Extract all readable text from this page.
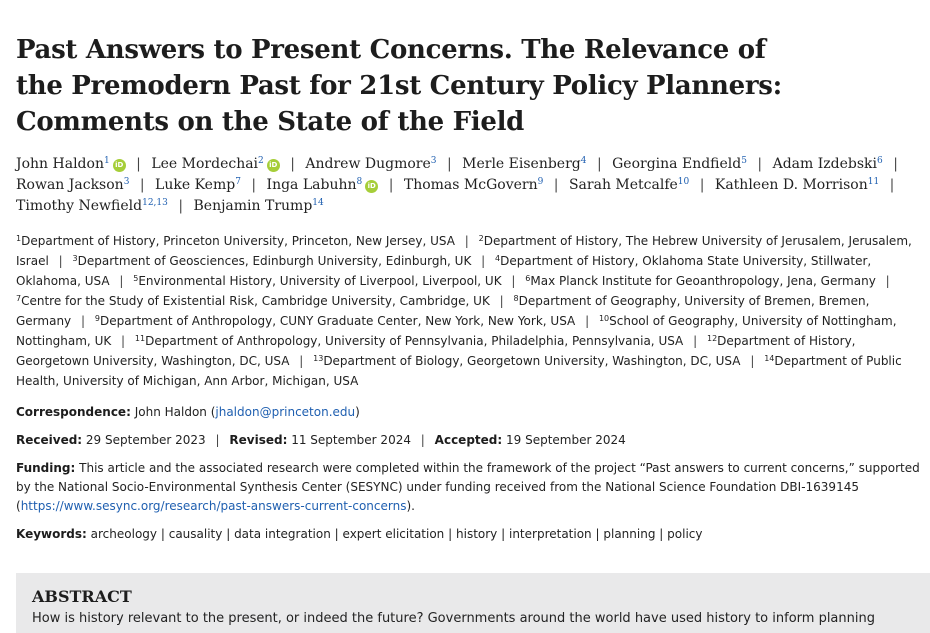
Past Answers to Present Concerns. The Relevance of
the Premodern Past for 21st Century Policy Planners:
Comments on the State of the Field
John Haldon$^1$ iD | Lee Mordechai$^2$ iD | Andrew Dugmore$^3$ | Merle Eisenberg$^4$ | Georgina Endfield$^5$ | Adam Izdebski$^6$ | Rowan Jackson$^3$ | Luke Kemp$^7$ | Inga Labuhn$^8$ iD | Thomas McGovern$^9$ | Sarah Metcalfe$^{10}$ | Kathleen D. Morrison$^{11}$ | Timothy Newfield$^{12,13}$ | Benjamin Trump$^{14}$
$^1$Department of History, Princeton University, Princeton, New Jersey, USA | $^2$Department of History, The Hebrew University of Jerusalem, Jerusalem, Israel | $^3$Department of Geosciences, Edinburgh University, Edinburgh, UK | $^4$Department of History, Oklahoma State University, Stillwater, Oklahoma, USA | $^5$Environmental History, University of Liverpool, Liverpool, UK | $^6$Max Planck Institute for Geoanthropology, Jena, Germany | $^7$Centre for the Study of Existential Risk, Cambridge University, Cambridge, UK | $^8$Department of Geography, University of Bremen, Bremen, Germany | $^9$Department of Anthropology, CUNY Graduate Center, New York, New York, USA | $^{10}$School of Geography, University of Nottingham, Nottingham, UK | $^{11}$Department of Anthropology, University of Pennsylvania, Philadelphia, Pennsylvania, USA | $^{12}$Department of History, Georgetown University, Washington, DC, USA | $^{13}$Department of Biology, Georgetown University, Washington, DC, USA | $^{14}$Department of Public Health, University of Michigan, Ann Arbor, Michigan, USA
Correspondence: John Haldon (jhaldon@princeton.edu)
Received: 29 September 2023 | Revised: 11 September 2024 | Accepted: 19 September 2024
Funding: This article and the associated research were completed within the framework of the project “Past answers to current concerns,” supported by the National Socio-Environmental Synthesis Center (SESYNC) under funding received from the National Science Foundation DBI-1639145 (https://www.sesync.org/research/past-answers-current-concerns).
Keywords: archeology | causality | data integration | expert elicitation | history | interpretation | planning | policy
ABSTRACT
How is history relevant to the present, or indeed the future? Governments around the world have used history to inform planning
